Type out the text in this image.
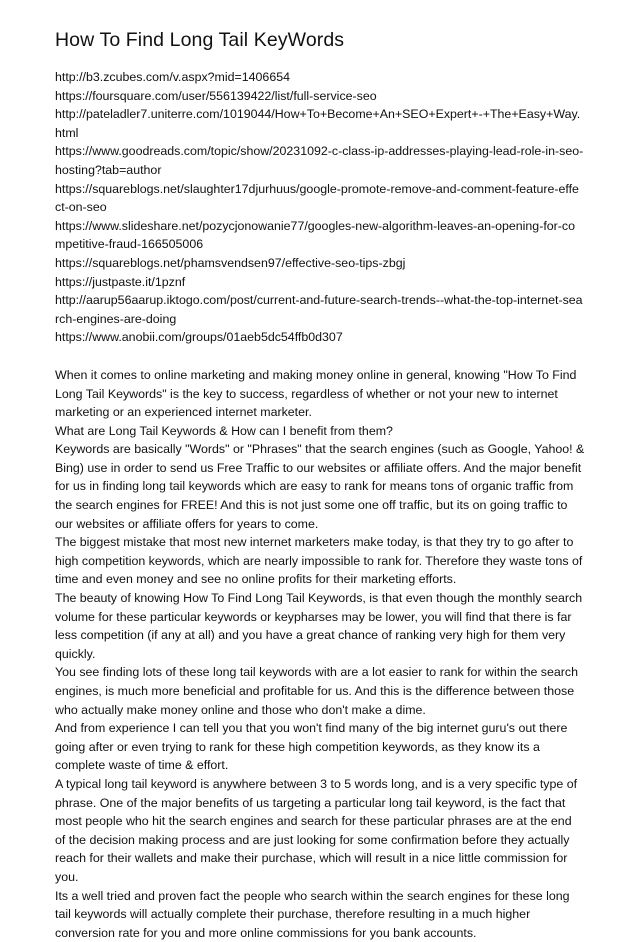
How To Find Long Tail KeyWords
http://b3.zcubes.com/v.aspx?mid=1406654
https://foursquare.com/user/556139422/list/full-service-seo
http://pateladler7.uniterre.com/1019044/How+To+Become+An+SEO+Expert+-+The+Easy+Way.html
https://www.goodreads.com/topic/show/20231092-c-class-ip-addresses-playing-lead-role-in-seo-hosting?tab=author
https://squareblogs.net/slaughter17djurhuus/google-promote-remove-and-comment-feature-effect-on-seo
https://www.slideshare.net/pozycjonowanie77/googles-new-algorithm-leaves-an-opening-for-competitive-fraud-166505006
https://squareblogs.net/phamsvendsen97/effective-seo-tips-zbgj
https://justpaste.it/1pznf
http://aarup56aarup.iktogo.com/post/current-and-future-search-trends--what-the-top-internet-search-engines-are-doing
https://www.anobii.com/groups/01aeb5dc54ffb0d307

When it comes to online marketing and making money online in general, knowing "How To Find Long Tail Keywords" is the key to success, regardless of whether or not your new to internet marketing or an experienced internet marketer.

What are Long Tail Keywords & How can I benefit from them?

Keywords are basically "Words" or "Phrases" that the search engines (such as Google, Yahoo! & Bing) use in order to send us Free Traffic to our websites or affiliate offers. And the major benefit for us in finding long tail keywords which are easy to rank for means tons of organic traffic from the search engines for FREE! And this is not just some one off traffic, but its on going traffic to our websites or affiliate offers for years to come.

The biggest mistake that most new internet marketers make today, is that they try to go after to high competition keywords, which are nearly impossible to rank for. Therefore they waste tons of time and even money and see no online profits for their marketing efforts.

The beauty of knowing How To Find Long Tail Keywords, is that even though the monthly search volume for these particular keywords or keypharses may be lower, you will find that there is far less competition (if any at all) and you have a great chance of ranking very high for them very quickly.

You see finding lots of these long tail keywords with are a lot easier to rank for within the search engines, is much more beneficial and profitable for us. And this is the difference between those who actually make money online and those who don't make a dime.

And from experience I can tell you that you won't find many of the big internet guru's out there going after or even trying to rank for these high competition keywords, as they know its a complete waste of time & effort.

A typical long tail keyword is anywhere between 3 to 5 words long, and is a very specific type of phrase. One of the major benefits of us targeting a particular long tail keyword, is the fact that most people who hit the search engines and search for these particular phrases are at the end of the decision making process and are just looking for some confirmation before they actually reach for their wallets and make their purchase, which will result in a nice little commission for you.

Its a well tried and proven fact the people who search within the search engines for these long tail keywords will actually complete their purchase, therefore resulting in a much higher conversion rate for you and more online commissions for you bank accounts.
